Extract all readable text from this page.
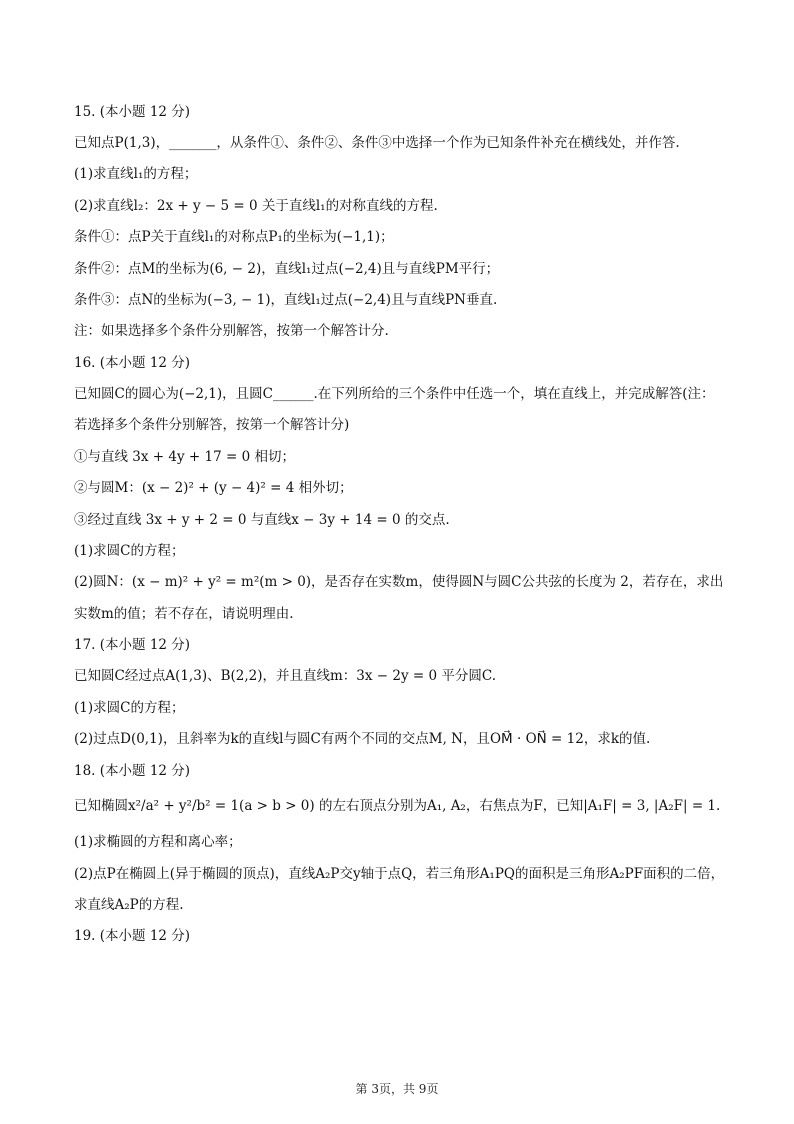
15. (本小题 12 分)
已知点P(1,3)，_______，从条件①、条件②、条件③中选择一个作为已知条件补充在横线处，并作答.
(1)求直线l₁的方程；
(2)求直线l₂：2x + y − 5 = 0 关于直线l₁的对称直线的方程.
条件①：点P关于直线l₁的对称点P₁的坐标为(−1,1)；
条件②：点M的坐标为(6, − 2)，直线l₁过点(−2,4)且与直线PM平行；
条件③：点N的坐标为(−3, − 1)，直线l₁过点(−2,4)且与直线PN垂直.
注：如果选择多个条件分别解答，按第一个解答计分.
16. (本小题 12 分)
已知圆C的圆心为(−2,1)，且圆C______.在下列所给的三个条件中任选一个，填在直线上，并完成解答(注：
若选择多个条件分别解答，按第一个解答计分)
①与直线 3x + 4y + 17 = 0 相切；
②与圆M：(x − 2)² + (y − 4)² = 4 相外切；
③经过直线 3x + y + 2 = 0 与直线x − 3y + 14 = 0 的交点.
(1)求圆C的方程；
(2)圆N：(x − m)² + y² = m²(m > 0)，是否存在实数m，使得圆N与圆C公共弦的长度为 2，若存在，求出
实数m的值；若不存在，请说明理由.
17. (本小题 12 分)
已知圆C经过点A(1,3)、B(2,2)，并且直线m：3x − 2y = 0 平分圆C.
(1)求圆C的方程；
(2)过点D(0,1)，且斜率为k的直线l与圆C有两个不同的交点M, N，且OM⃗ · ON⃗ = 12，求k的值.
18. (本小题 12 分)
已知椭圆x²/a² + y²/b² = 1(a > b > 0) 的左右顶点分别为A₁, A₂，右焦点为F，已知|A₁F| = 3, |A₂F| = 1.
(1)求椭圆的方程和离心率；
(2)点P在椭圆上(异于椭圆的顶点)，直线A₂P交y轴于点Q，若三角形A₁PQ的面积是三角形A₂PF面积的二倍，
求直线A₂P的方程.
19. (本小题 12 分)
第 3页，共 9页
